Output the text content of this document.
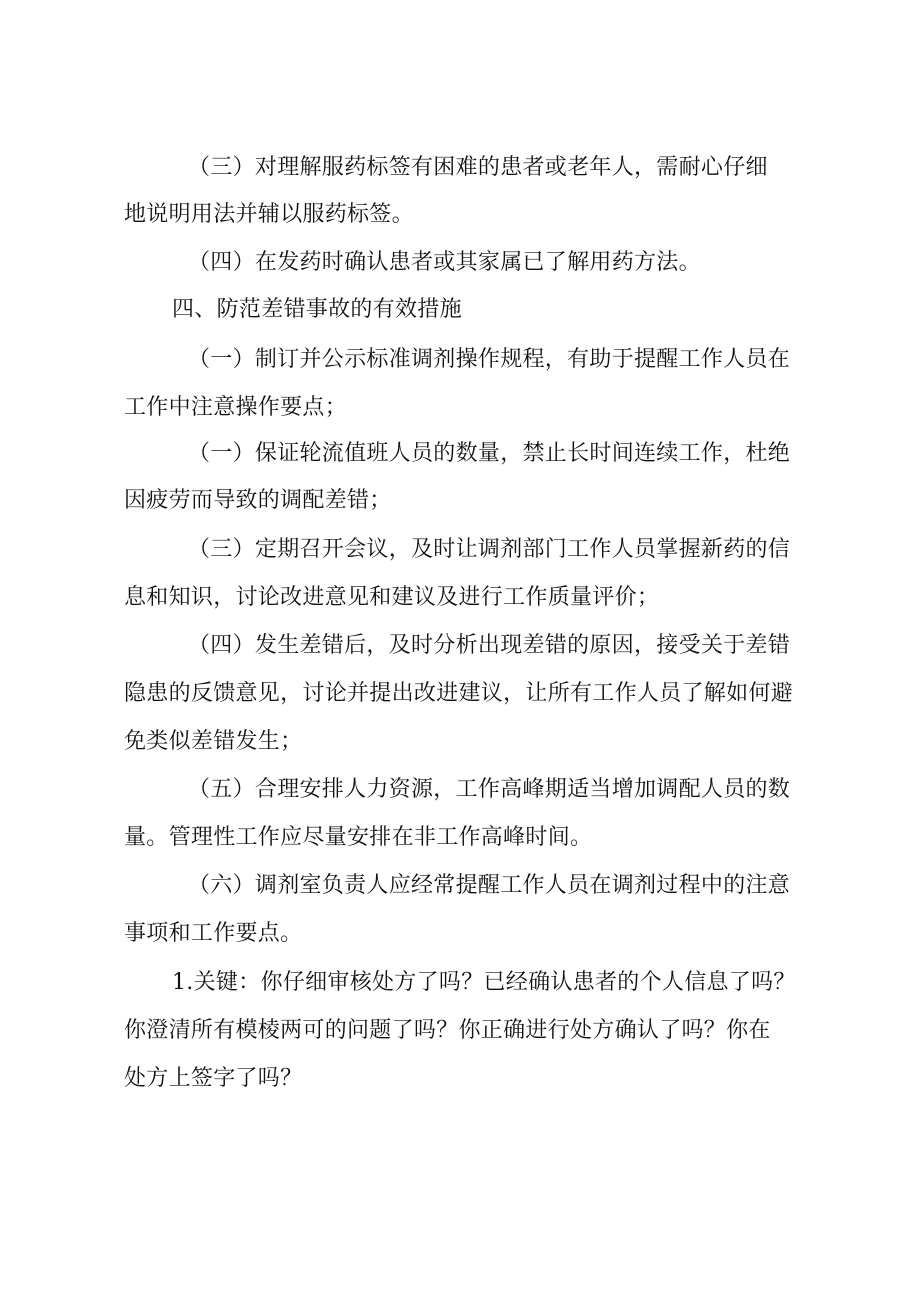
（三）对理解服药标签有困难的患者或老年人，需耐心仔细
地说明用法并辅以服药标签。
（四）在发药时确认患者或其家属已了解用药方法。
四、防范差错事故的有效措施
（一）制订并公示标准调剂操作规程，有助于提醒工作人员在
工作中注意操作要点；
（一）保证轮流值班人员的数量，禁止长时间连续工作，杜绝
因疲劳而导致的调配差错；
（三）定期召开会议，及时让调剂部门工作人员掌握新药的信
息和知识，讨论改进意见和建议及进行工作质量评价；
（四）发生差错后，及时分析出现差错的原因，接受关于差错
隐患的反馈意见，讨论并提出改进建议，让所有工作人员了解如何避
免类似差错发生；
（五）合理安排人力资源，工作高峰期适当增加调配人员的数
量。管理性工作应尽量安排在非工作高峰时间。
（六）调剂室负责人应经常提醒工作人员在调剂过程中的注意
事项和工作要点。
1.关键：你仔细审核处方了吗？已经确认患者的个人信息了吗？
你澄清所有模棱两可的问题了吗？你正确进行处方确认了吗？你在
处方上签字了吗？
